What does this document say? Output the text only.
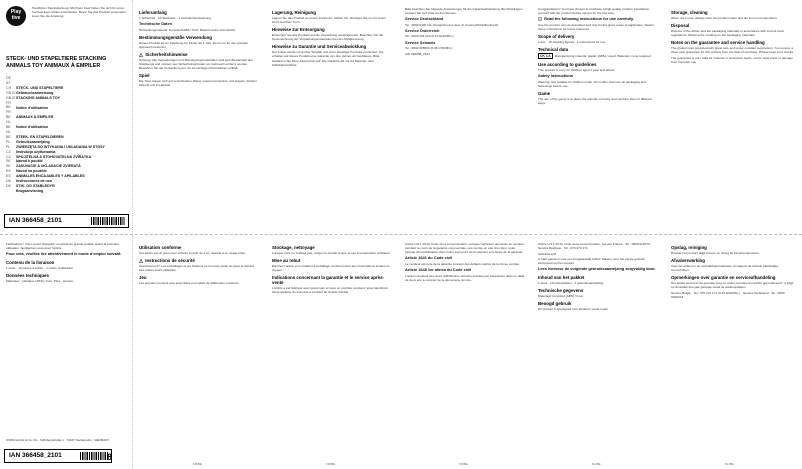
Play tive
Handlicher Steckspielzeug. Mit Ihrem Kauf haben Sie sich für einen hochwertigen Artikel entschieden. Bevor Sie das Produkt verwenden, lesen Sie die Anleitung.
STECK- UND STAPELTIERE STACKING ANIMALS TOY ANIMAUX À EMPILER
DE AT CH STECK- UND STAPELTIERE
GB IEGebrauchsanweisung
GB IESTACKING ANIMALS TOY
FR BE Notice d'utilisation
FR BE ANIMAUX À EMPILER
NL BE Notice d'utilisation
NL BE STEEK- EN STAPELDIEREN
PL Gebruiksaanwijzing
PL ZWIERZĘTA DO WTYKANIA I UKŁADANIA W STOSY
CZ Instrukcja użytkowania
CZ SPOJITELNÁ A STOHOVATELNÁ ZVÍŘÁTKA
SK Návod k použití
SK ZASÚVACIE A UKLADACIE ZVIERATÁ
ES Návod na použitie
ES ANIMALES ENCAJABLES Y APILABLES
DK Instrucciones de uso
DK STIK- OG STABLEDYR
Brugsanvisning
IAN 366458_2101
Lieferumfang
1 Schachtel · 10 Stückteile · 1 Gebrauchsanweisung
Technische Daten
Herstellungsmaterial: Kunststoff ABS / Holz. Batterie keine erforderlich.
Bestimmungsgemäße Verwendung
Dieses Produkt ist ein Spielzeug für Kinder ab 1 Jahr. Es ist nur für den privaten Gebrauch bestimmt.
Sicherheitshinweise
Achtung: Alle Verpackungen und Befestigungsmaterialien sind kein Bestandteil des Spielzeugs und müssen aus Sicherheitsgründen vor Gebrauch entfernt werden. Bewahren Sie die Verpackung auf, da sie wichtige Informationen enthält.
Spiel
Die Tiere lassen sich auf verschiedene Weise zusammenstecken und stapeln. Fördert Motorik und Kreativität.
Lagerung, Reinigung
Lagern Sie das Produkt an einem trockenen, kühlen Ort. Reinigen Sie es mit einem leicht feuchten Tuch.
Hinweise zur Entsorgung
Entsorgen Sie das Produkt und die Verpackung umweltgerecht. Beachten Sie die Kennzeichnung der Verpackungsmaterialien bei der Abfalltrennung.
Hinweise zu Garantie und Serviceabwicklung
Der Artikel wurde mit großer Sorgfalt und unter ständiger Kontrolle produziert. Sie erhalten auf dieses Produkt eine Garantie von drei Jahren ab Kaufdatum. Bitte bewahren Sie Ihren Kassenbon auf. Die Garantie gilt nur für Material- oder Fabrikationsfehler.
Bitte beachten Sie folgende Anweisungen für die Garantieabwicklung. Bei Rückfragen wenden Sie sich bitte an den Service.
Service Deutschland
Tel.: 0800 5435 111 (Kostenfrei aus dem dt. Festnetz/Mobilfunknetz)
Service Österreich
Tel.: 0820 201 222 (0,15 EUR/Min.)
Service Schweiz
Tel.: 0842 665566 (0,08 CHF/Min.)
IAN 366458_2101
Congratulations! You have chosen to purchase a high-quality product. Familiarise yourself with the product before using it for the first time.
Read the following instructions for use carefully.
Use the product only as described and only for the given areas of application. Retain these instructions for future reference.
Scope of delivery
1 box · 10 stacking figures · 1 instructions for use
Technical data
UK CA Manufacturing material: plastic (ABS) / wood. Batteries: none required.
Use according to guidelines
This product is a toy for children aged 1 year and above.
Safety instructions
Warning: Not suitable for children under 10 months. Remove all packaging and fastenings before use.
Game
The aim of the game is to place the animals correctly and combine them in different ways.
Storage, cleaning
When not in use, always store the product clean and dry at room temperature.
Disposal
Dispose of the article and the packaging materials in accordance with current local regulations. Observe the marking on the packaging materials.
Notes on the guarantee and service handling
The product was produced with great care and under constant supervision. You receive a three-year guarantee for this product from the date of purchase. Please keep your receipt.
The guarantee is only valid for material or production faults, not for wear parts or damage from improper use.
Félicitations ! Vous venez d'acquérir un article de grande qualité. Avant la première utilisation, familiarisez-vous avec l'article.
Pour cela, veuillez lire attentivement le mode d'emploi suivant.
Contenu de la livraison
1 boîte · 10 pièces à enfiler · 1 notice d'utilisation
Données techniques
Matériaux : plastique (ABS) / bois. Piles : aucune.
OWIM GmbH & Co. KG · Stiftsbergstraße 1 · 74167 Neckarsulm · GERMANY
IAN 366458_2101	8
Utilisation conforme
Cet article est un jouet pour enfants à partir de 1 an, destiné à un usage privé.
Instructions de sécurité
Avertissement ! Les emballages et les fixations ne font pas partie du jouet et doivent être retirés avant utilisation.
Jeu
Les animaux peuvent être assemblés et empilés de différentes manières.
FR/BE
Stockage, nettoyage
Lorsque vous ne l'utilisez pas, rangez le produit propre et sec à température ambiante.
Mise au rebut
Éliminez l'article et le matériel d'emballage conformément aux prescriptions locales en vigueur.
Indications concernant la garantie et le service après-vente
L'article a été fabriqué avec grand soin et sous un contrôle constant. Vous bénéficiez d'une garantie de trois ans à compter de la date d'achat.
FR/BE
Article L217-16 du Code de la consommation. Lorsque l'acheteur demande au vendeur, pendant le cours de la garantie commerciale, une remise en état d'un bien, toute période d'immobilisation d'au moins sept jours vient s'ajouter à la durée de la garantie.
Article 1641 du Code civil
Le vendeur est tenu de la garantie à raison des défauts cachés de la chose vendue.
Article 1648 1er alinéa du Code civil
L'action résultant des vices rédhibitoires doit être intentée par l'acquéreur dans un délai de deux ans à compter de la découverte du vice.
FR/BE
Article L217-16 du Code de la consommation. Service France · Tel.: 0800 919270 · Service Belgique · Tel.: 070 270 171.
Gefeliciteerd!
U hebt gekozen voor een hoogwaardig artikel. Maak u vóór het eerste gebruik vertrouwd met het product.
Lees hiervoor de volgende gebruiksaanwijzing zorgvuldig door.
Inhoud van het pakket
1 doos · 10 insteekdelen · 1 gebruiksaanwijzing
Technische gegevens
Materiaal: kunststof (ABS) / hout.
Beoogd gebruik
Dit product is speelgoed voor kinderen vanaf 1 jaar.
NL/BE
Opslag, reiniging
Bewaar het product altijd schoon en droog bij kamertemperatuur.
Afvalverwerking
Voer het artikel en de verpakkingsmaterialen af volgens de actuele plaatselijke voorschriften.
Opmerkingen over garantie en serviceafhandeling
Het artikel werd met de grootste zorg en onder permanent toezicht geproduceerd. U krijgt op dit artikel drie jaar garantie vanaf de aankoopdatum.
Service België · Tel.: 070 270 171 (0,15 EUR/Min.) · Service Nederland · Tel.: 0900 0400223
NL/BE
